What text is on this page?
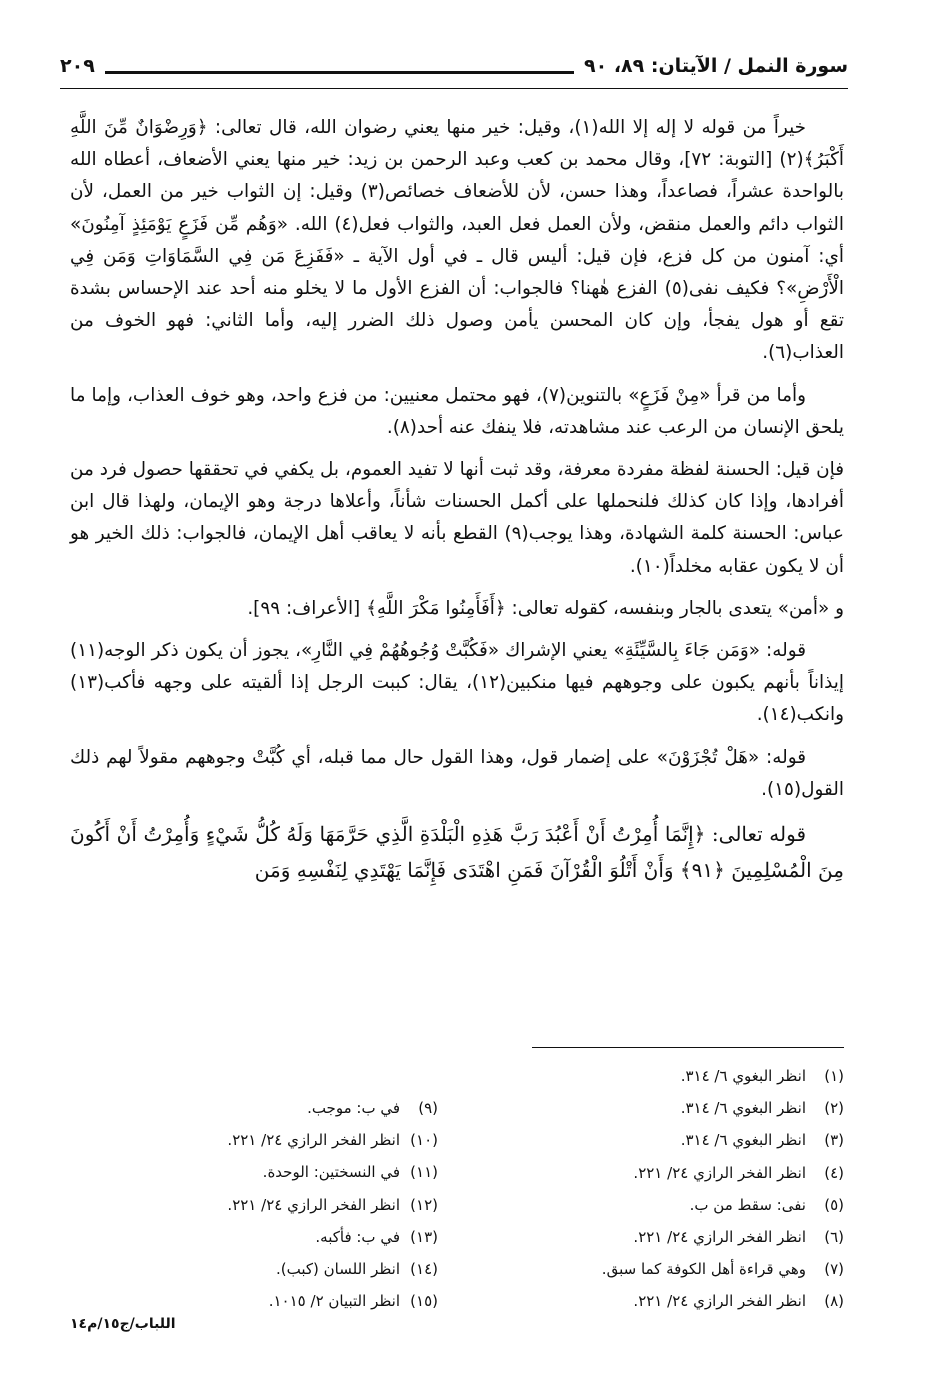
سورة النمل / الآيتان: ٨٩، ٩٠
٢٠٩

خيراً من قوله لا إله إلا الله(١)، وقيل: خير منها يعني رضوان الله، قال تعالى: ﴿وَرِضْوَانٌ مِّنَ اللَّهِ أَكْبَرُ﴾(٢) [التوبة: ٧٢]، وقال محمد بن كعب وعبد الرحمن بن زيد: خير منها يعني الأضعاف، أعطاه الله بالواحدة عشراً، فصاعداً، وهذا حسن، لأن للأضعاف خصائص(٣) وقيل: إن الثواب خير من العمل، لأن الثواب دائم والعمل منقض، ولأن العمل فعل العبد، والثواب فعل(٤) الله. «وَهُم مِّن فَزَعٍ يَوْمَئِذٍ آمِنُونَ» أي: آمنون من كل فزع، فإن قيل: أليس قال ـ في أول الآية ـ «فَفَزِعَ مَن فِي السَّمَاوَاتِ وَمَن فِي الْأَرْضِ»؟ فكيف نفى(٥) الفزع هٰهنا؟ فالجواب: أن الفزع الأول ما لا يخلو منه أحد عند الإحساس بشدة تقع أو هول يفجأ، وإن كان المحسن يأمن وصول ذلك الضرر إليه، وأما الثاني: فهو الخوف من العذاب(٦).

وأما من قرأ «مِنْ فَزَعٍ» بالتنوين(٧)، فهو محتمل معنيين: من فزع واحد، وهو خوف العذاب، وإما ما يلحق الإنسان من الرعب عند مشاهدته، فلا ينفك عنه أحد(٨).

فإن قيل: الحسنة لفظة مفردة معرفة، وقد ثبت أنها لا تفيد العموم، بل يكفي في تحققها حصول فرد من أفرادها، وإذا كان كذلك فلنحملها على أكمل الحسنات شأناً، وأعلاها درجة وهو الإيمان، ولهذا قال ابن عباس: الحسنة كلمة الشهادة، وهذا يوجب(٩) القطع بأنه لا يعاقب أهل الإيمان، فالجواب: ذلك الخير هو أن لا يكون عقابه مخلداً(١٠).

و «أمن» يتعدى بالجار وبنفسه، كقوله تعالى: ﴿أَفَأَمِنُوا مَكْرَ اللَّهِ﴾ [الأعراف: ٩٩].

قوله: «وَمَن جَاءَ بِالسَّيِّئَةِ» يعني الإشراك «فَكُبَّتْ وُجُوهُهُمْ فِي النَّارِ»، يجوز أن يكون ذكر الوجه(١١) إيذاناً بأنهم يكبون على وجوههم فيها منكبين(١٢)، يقال: كببت الرجل إذا ألقيته على وجهه فأكب(١٣) وانكب(١٤).

قوله: «هَلْ تُجْزَوْنَ» على إضمار قول، وهذا القول حال مما قبله، أي كُبَّتْ وجوههم مقولاً لهم ذلك القول(١٥).

قوله تعالى: ﴿إِنَّمَا أُمِرْتُ أَنْ أَعْبُدَ رَبَّ هَذِهِ الْبَلْدَةِ الَّذِي حَرَّمَهَا وَلَهُ كُلُّ شَيْءٍ وَأُمِرْتُ أَنْ أَكُونَ مِنَ الْمُسْلِمِينَ ﴿٩١﴾ وَأَنْ أَتْلُوَ الْقُرْآنَ فَمَنِ اهْتَدَى فَإِنَّمَا يَهْتَدِي لِنَفْسِهِ وَمَن

(١)انظر البغوي ٦/ ٣١٤.
(٢)انظر البغوي ٦/ ٣١٤.
(٣)انظر البغوي ٦/ ٣١٤.
(٤)انظر الفخر الرازي ٢٤/ ٢٢١.
(٥)نفى: سقط من ب.
(٦)انظر الفخر الرازي ٢٤/ ٢٢١.
(٧)وهي قراءة أهل الكوفة كما سبق.
(٨)انظر الفخر الرازي ٢٤/ ٢٢١.
(٩)في ب: موجب.
(١٠)انظر الفخر الرازي ٢٤/ ٢٢١.
(١١)في النسختين: الوحدة.
(١٢)انظر الفخر الرازي ٢٤/ ٢٢١.
(١٣)في ب: فأكبه.
(١٤)انظر اللسان (كبب).
(١٥)انظر التبيان ٢/ ١٠١٥.
اللباب/ج١٥/م١٤
